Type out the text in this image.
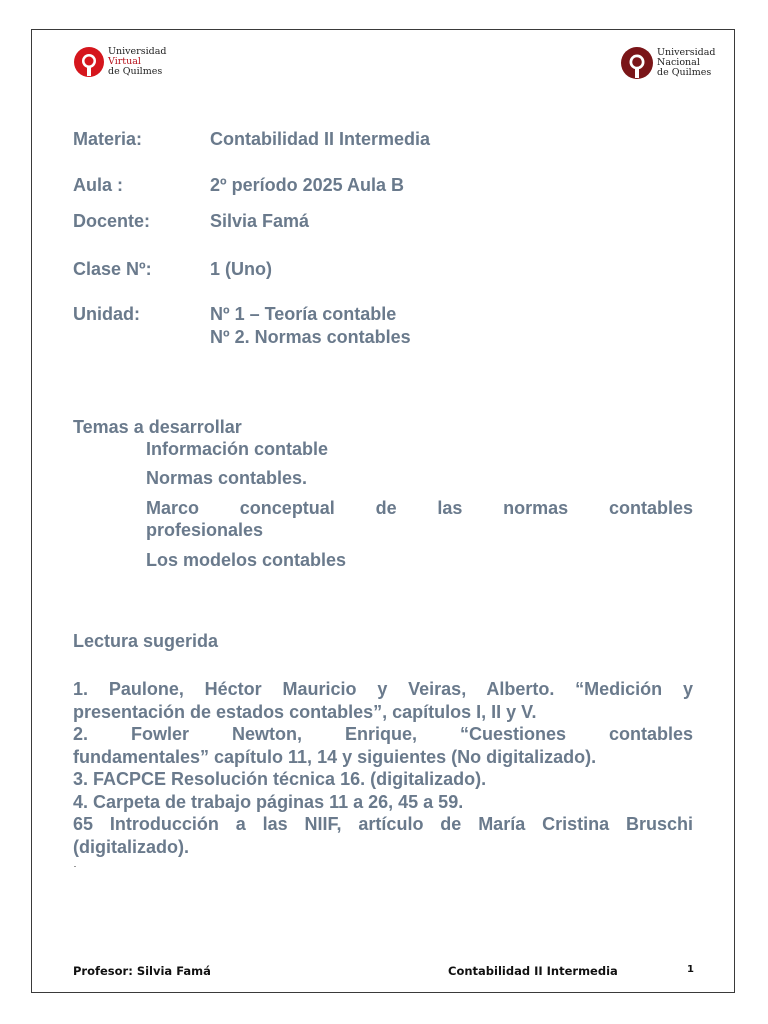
Universidad
Virtual
de Quilmes
Universidad
Nacional
de Quilmes
Materia:	Contabilidad II Intermedia
Aula :	2º período 2025 Aula B
Docente:	Silvia Famá
Clase Nº:	1 (Uno)
Unidad:	Nº 1 – Teoría contable
Nº 2. Normas contables
Temas a desarrollar
Información contable
Normas contables.
Marco conceptual de las normas contables
profesionales
Los modelos contables
Lectura sugerida
1. Paulone, Héctor Mauricio y Veiras, Alberto. “Medición y
presentación de estados contables”, capítulos I, II y V.
2. Fowler Newton, Enrique, “Cuestiones contables
fundamentales” capítulo 11, 14 y siguientes (No digitalizado).
3. FACPCE Resolución técnica 16. (digitalizado).
4. Carpeta de trabajo páginas 11 a 26, 45 a 59.
65 Introducción a las NIIF, artículo de María Cristina Bruschi
(digitalizado).
Profesor: Silvia Famá	Contabilidad II Intermedia	1
